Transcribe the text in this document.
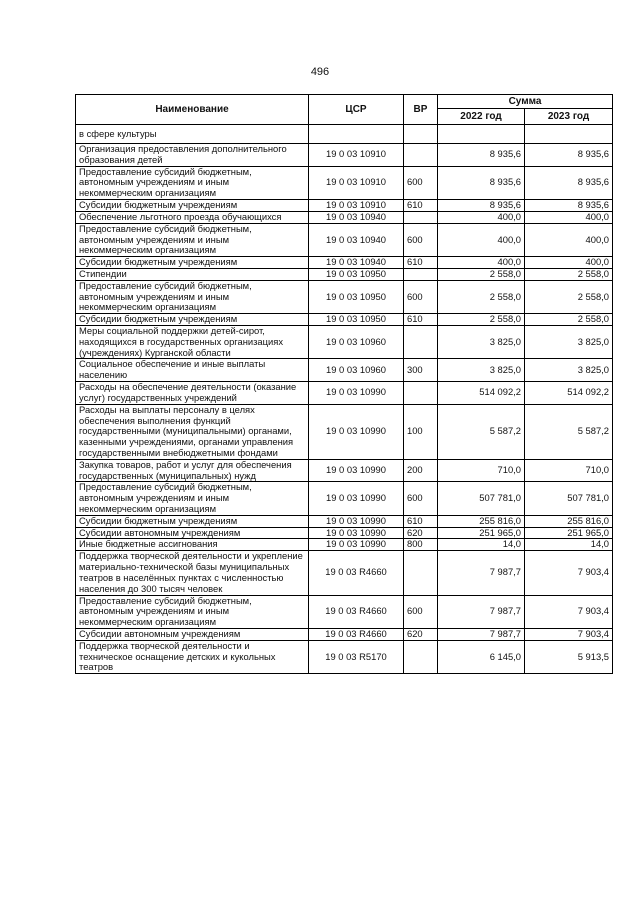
496
Наименование	ЦСР	ВР	Сумма	
			2022 год	2023 год
в сфере культуры				
Организация предоставления дополнительного образования детей	19 0 03 10910		8 935,6	8 935,6
Предоставление субсидий бюджетным, автономным учреждениям и иным некоммерческим организациям	19 0 03 10910	600	8 935,6	8 935,6
Субсидии бюджетным учреждениям	19 0 03 10910	610	8 935,6	8 935,6
Обеспечение льготного проезда обучающихся	19 0 03 10940		400,0	400,0
Предоставление субсидий бюджетным, автономным учреждениям и иным некоммерческим организациям	19 0 03 10940	600	400,0	400,0
Субсидии бюджетным учреждениям	19 0 03 10940	610	400,0	400,0
Стипендии	19 0 03 10950		2 558,0	2 558,0
Предоставление субсидий бюджетным, автономным учреждениям и иным некоммерческим организациям	19 0 03 10950	600	2 558,0	2 558,0
Субсидии бюджетным учреждениям	19 0 03 10950	610	2 558,0	2 558,0
Меры социальной поддержки детей-сирот, находящихся в государственных организациях (учреждениях) Курганской области	19 0 03 10960		3 825,0	3 825,0
Социальное обеспечение и иные выплаты населению	19 0 03 10960	300	3 825,0	3 825,0
Расходы на обеспечение деятельности (оказание услуг) государственных учреждений	19 0 03 10990		514 092,2	514 092,2
Расходы на выплаты персоналу в целях обеспечения выполнения функций государственными (муниципальными) органами, казенными учреждениями, органами управления государственными внебюджетными фондами	19 0 03 10990	100	5 587,2	5 587,2
Закупка товаров, работ и услуг для обеспечения государственных (муниципальных) нужд	19 0 03 10990	200	710,0	710,0
Предоставление субсидий бюджетным, автономным учреждениям и иным некоммерческим организациям	19 0 03 10990	600	507 781,0	507 781,0
Субсидии бюджетным учреждениям	19 0 03 10990	610	255 816,0	255 816,0
Субсидии автономным учреждениям	19 0 03 10990	620	251 965,0	251 965,0
Иные бюджетные ассигнования	19 0 03 10990	800	14,0	14,0
Поддержка творческой деятельности и укрепление материально-технической базы муниципальных театров в населённых пунктах с численностью населения до 300 тысяч человек	19 0 03 R4660		7 987,7	7 903,4
Предоставление субсидий бюджетным, автономным учреждениям и иным некоммерческим организациям	19 0 03 R4660	600	7 987,7	7 903,4
Субсидии автономным учреждениям	19 0 03 R4660	620	7 987,7	7 903,4
Поддержка творческой деятельности и техническое оснащение детских и кукольных театров	19 0 03 R5170		6 145,0	5 913,5
